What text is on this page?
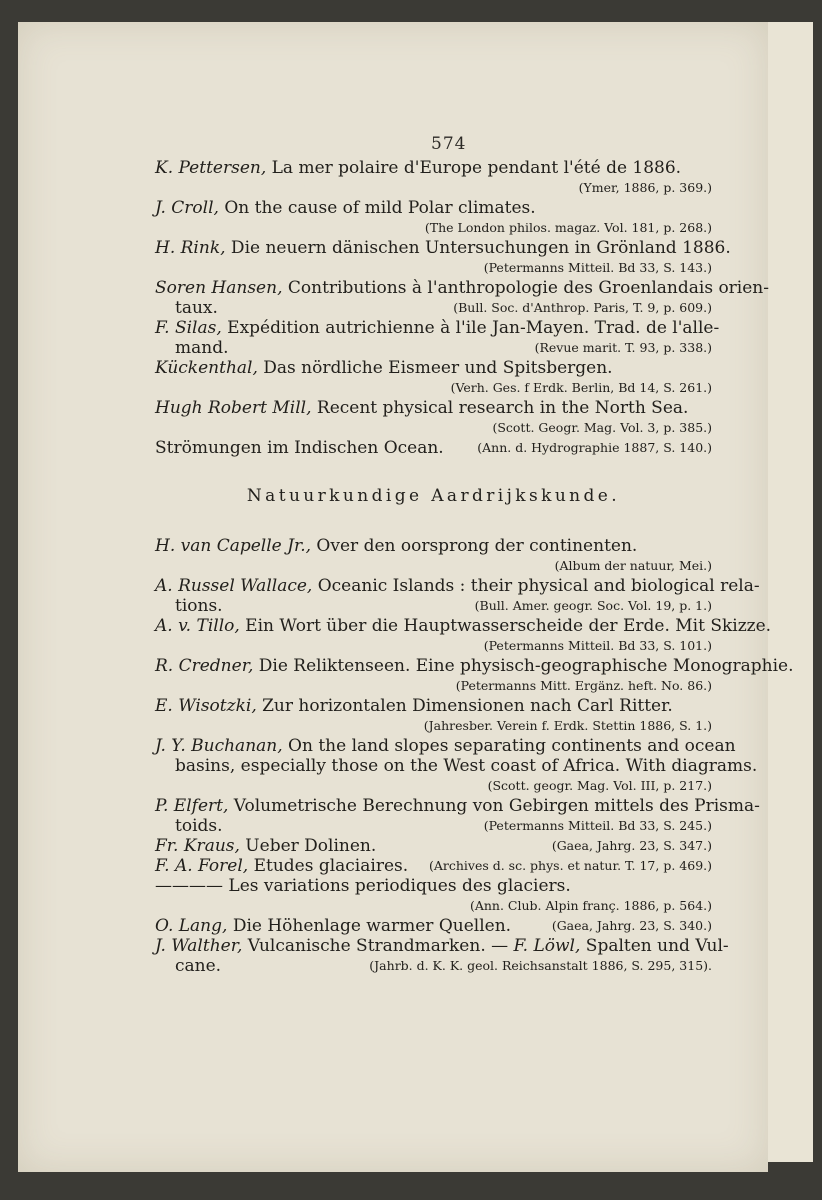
574
K. Pettersen, La mer polaire d'Europe pendant l'été de 1886.
(Ymer, 1886, p. 369.)
J. Croll, On the cause of mild Polar climates.
(The London philos. magaz. Vol. 181, p. 268.)
H. Rink, Die neuern dänischen Untersuchungen in Grönland 1886.
(Petermanns Mitteil. Bd 33, S. 143.)
Soren Hansen, Contributions à l'anthropologie des Groenlandais orien-
taux.	(Bull. Soc. d'Anthrop. Paris, T. 9, p. 609.)
F. Silas, Expédition autrichienne à l'ile Jan-Mayen. Trad. de l'alle-
mand.	(Revue marit. T. 93, p. 338.)
Kückenthal, Das nördliche Eismeer und Spitsbergen.
(Verh. Ges. f Erdk. Berlin, Bd 14, S. 261.)
Hugh Robert Mill, Recent physical research in the North Sea.
(Scott. Geogr. Mag. Vol. 3, p. 385.)
Strömungen im Indischen Ocean.	(Ann. d. Hydrographie 1887, S. 140.)
Natuurkundige Aardrijkskunde.
H. van Capelle Jr., Over den oorsprong der continenten.
(Album der natuur, Mei.)
A. Russel Wallace, Oceanic Islands : their physical and biological rela-
tions.	(Bull. Amer. geogr. Soc. Vol. 19, p. 1.)
A. v. Tillo, Ein Wort über die Hauptwasserscheide der Erde. Mit Skizze.
(Petermanns Mitteil. Bd 33, S. 101.)
R. Credner, Die Reliktenseen. Eine physisch-geographische Monographie.
(Petermanns Mitt. Ergänz. heft. No. 86.)
E. Wisotzki, Zur horizontalen Dimensionen nach Carl Ritter.
(Jahresber. Verein f. Erdk. Stettin 1886, S. 1.)
J. Y. Buchanan, On the land slopes separating continents and ocean
basins, especially those on the West coast of Africa. With diagrams.
(Scott. geogr. Mag. Vol. III, p. 217.)
P. Elfert, Volumetrische Berechnung von Gebirgen mittels des Prisma-
toids.	(Petermanns Mitteil. Bd 33, S. 245.)
Fr. Kraus, Ueber Dolinen.	(Gaea, Jahrg. 23, S. 347.)
F. A. Forel, Etudes glaciaires. (Archives d. sc. phys. et natur. T. 17, p. 469.)
———— Les variations periodiques des glaciers.
(Ann. Club. Alpin franç. 1886, p. 564.)
O. Lang, Die Höhenlage warmer Quellen.	(Gaea, Jahrg. 23, S. 340.)
J. Walther, Vulcanische Strandmarken. — F. Löwl, Spalten und Vul-
cane.	(Jahrb. d. K. K. geol. Reichsanstalt 1886, S. 295, 315).
